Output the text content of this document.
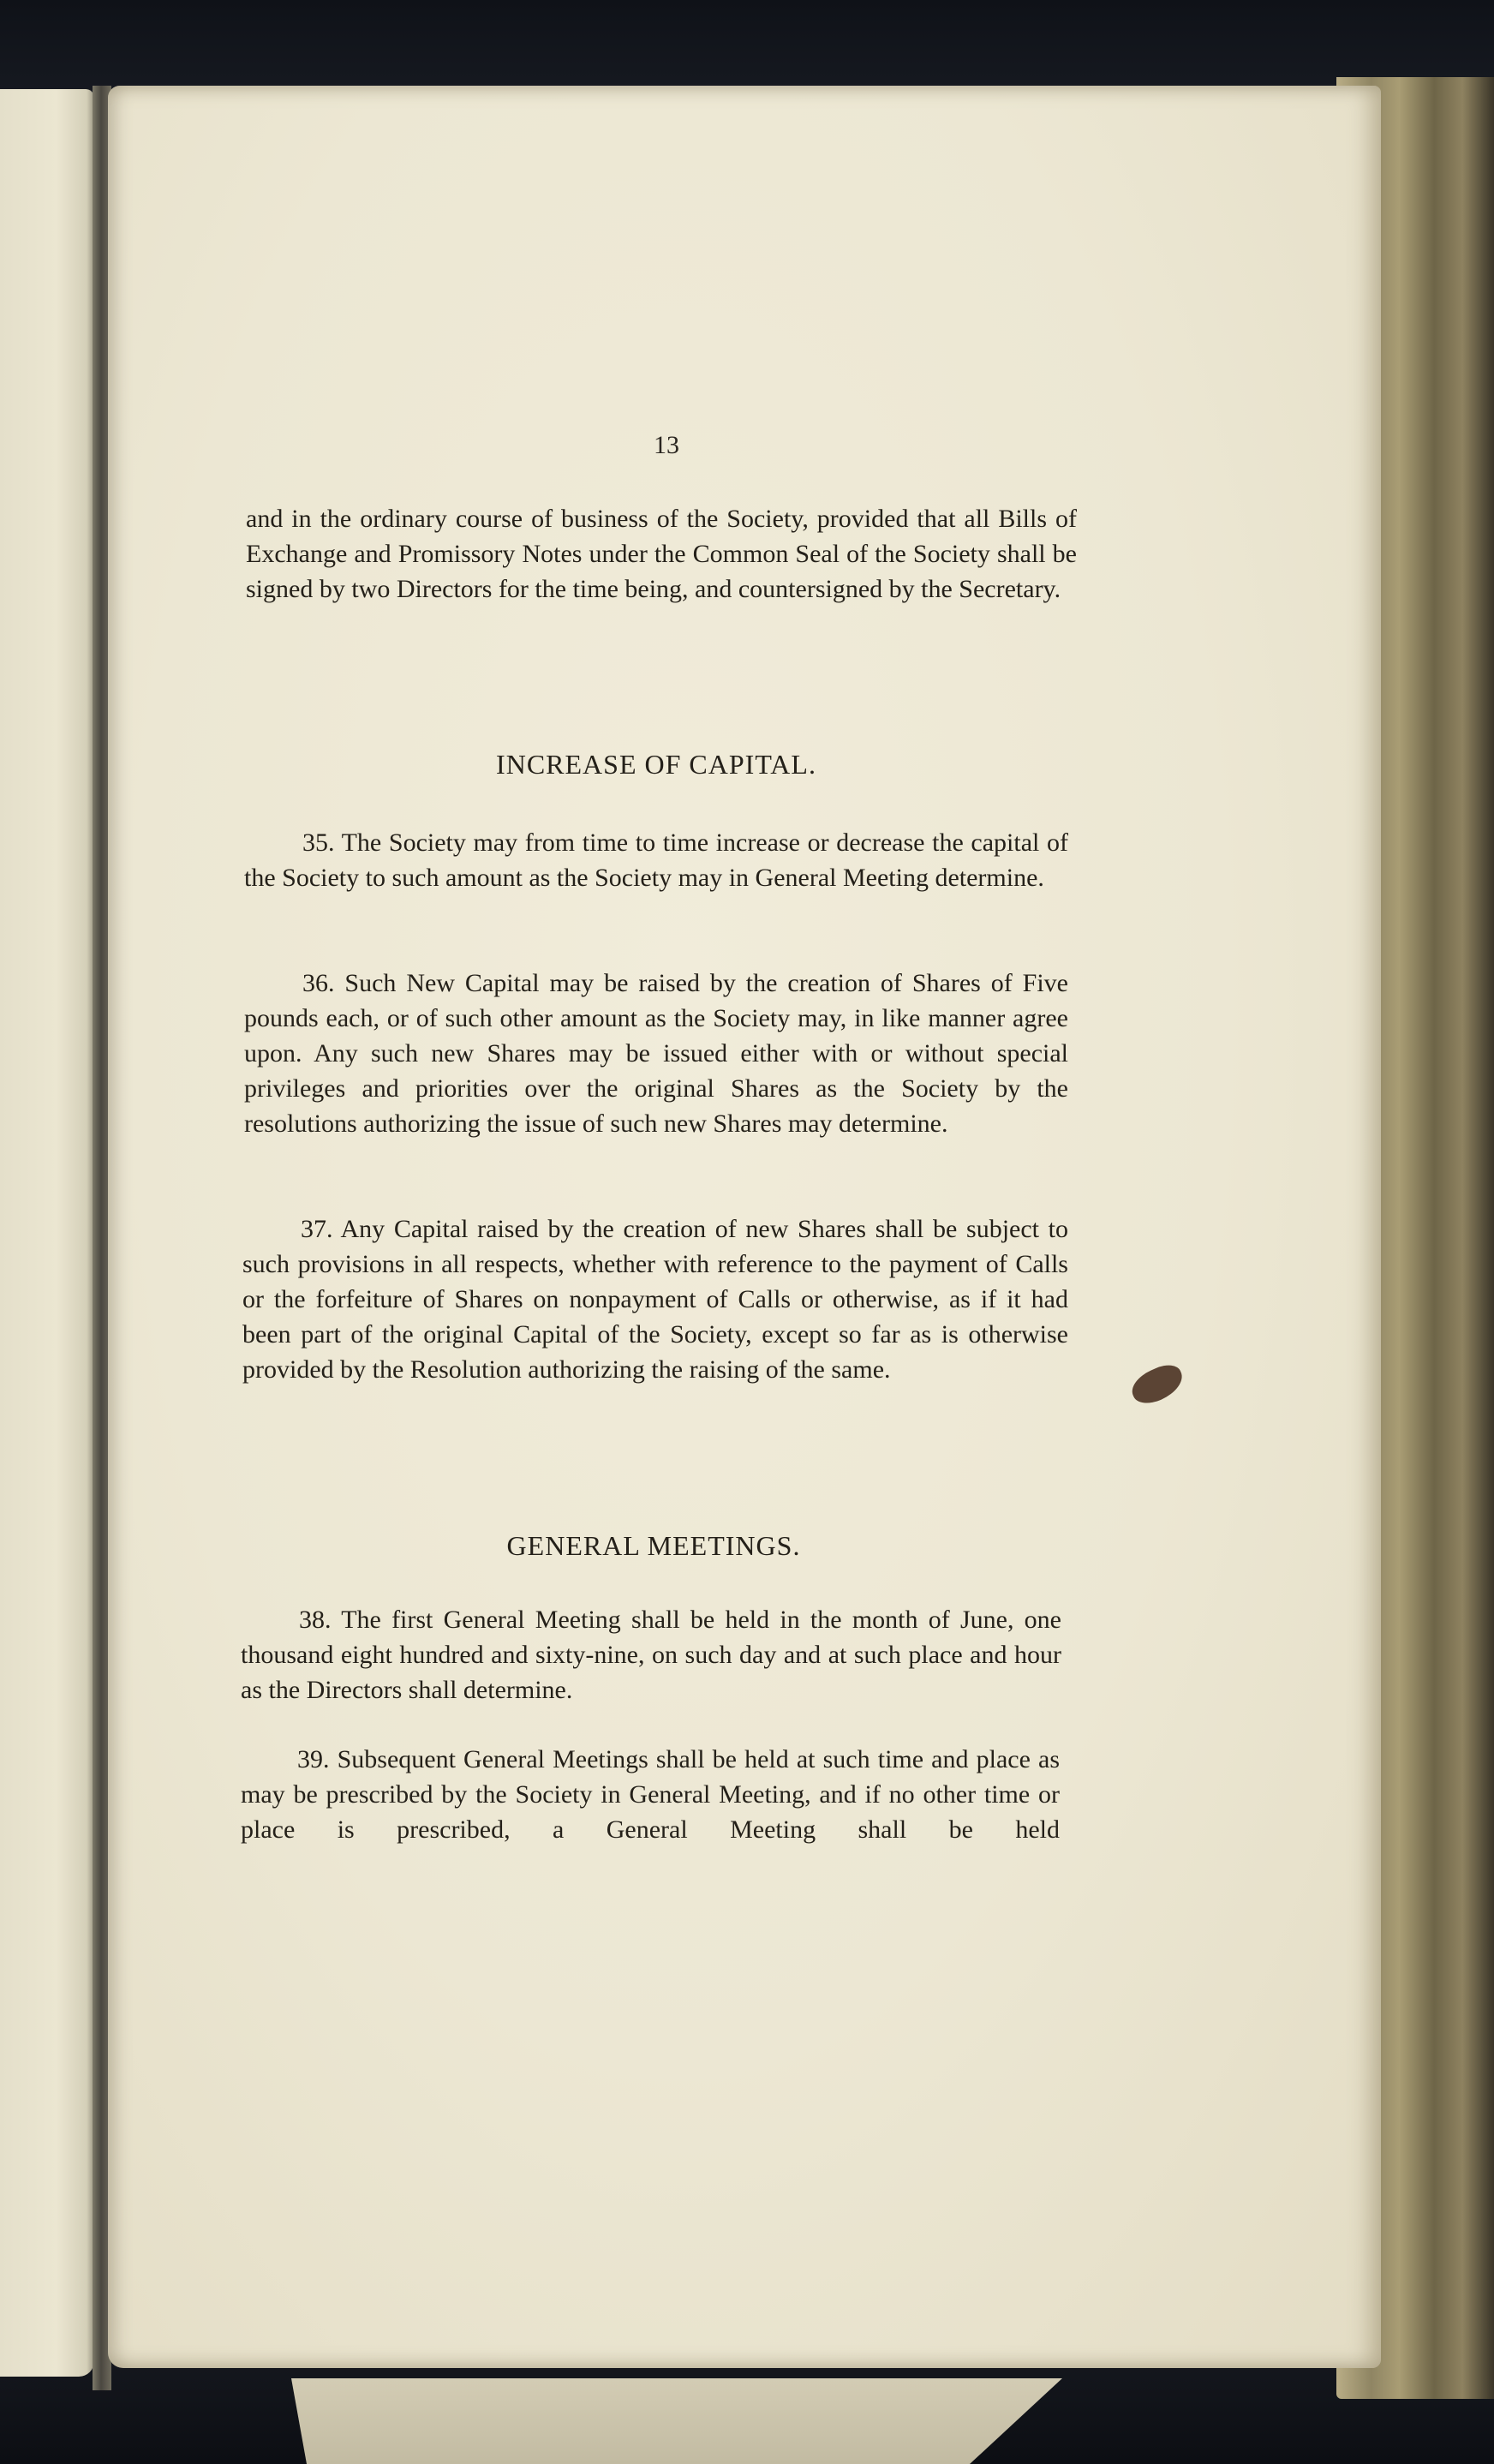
13

and in the ordinary course of business of the Society, provided that all Bills of Exchange and Promissory Notes under the Common Seal of the Society shall be signed by two Directors for the time being, and countersigned by the Secretary.

INCREASE OF CAPITAL.

35. The Society may from time to time increase or decrease the capital of the Society to such amount as the Society may in General Meeting determine.

36. Such New Capital may be raised by the creation of Shares of Five pounds each, or of such other amount as the Society may, in like manner agree upon. Any such new Shares may be issued either with or without special privileges and priorities over the original Shares as the Society by the resolutions authorizing the issue of such new Shares may determine.

37. Any Capital raised by the creation of new Shares shall be subject to such provisions in all respects, whether with reference to the payment of Calls or the forfeiture of Shares on nonpayment of Calls or otherwise, as if it had been part of the original Capital of the Society, except so far as is otherwise provided by the Resolution authorizing the raising of the same.

GENERAL MEETINGS.

38. The first General Meeting shall be held in the month of June, one thousand eight hundred and sixty-nine, on such day and at such place and hour as the Directors shall determine.

39. Subsequent General Meetings shall be held at such time and place as may be prescribed by the Society in General Meeting, and if no other time or place is prescribed, a General Meeting shall be held
